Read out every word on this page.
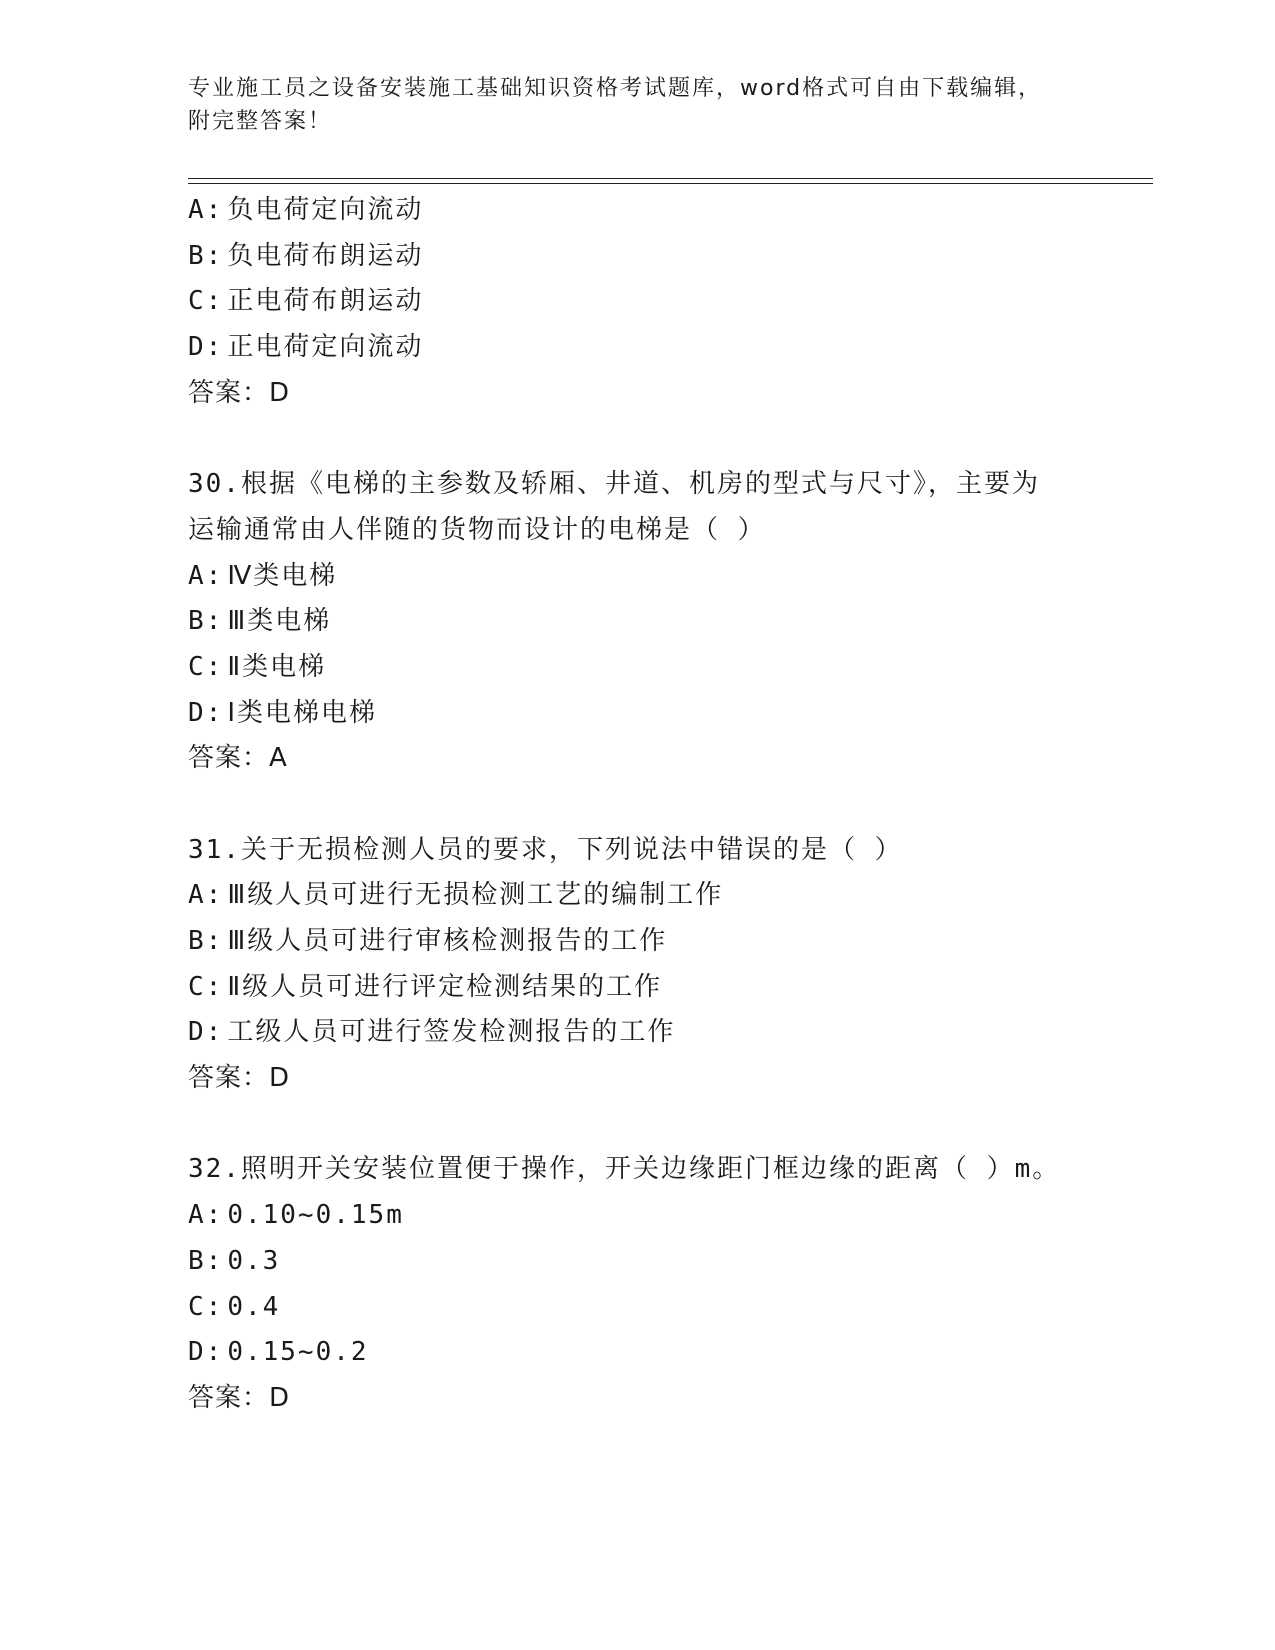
专业施工员之设备安装施工基础知识资格考试题库，word格式可自由下载编辑，
附完整答案！
A: 负电荷定向流动
B: 负电荷布朗运动
C: 正电荷布朗运动
D: 正电荷定向流动
答案：D
30.根据《电梯的主参数及轿厢、井道、机房的型式与尺寸》，主要为
运输通常由人伴随的货物而设计的电梯是（ ）
A: Ⅳ类电梯
B: Ⅲ类电梯
C: Ⅱ类电梯
D: Ⅰ类电梯电梯
答案：A
31.关于无损检测人员的要求，下列说法中错误的是（ ）
A: Ⅲ级人员可进行无损检测工艺的编制工作
B: Ⅲ级人员可进行审核检测报告的工作
C: Ⅱ级人员可进行评定检测结果的工作
D: 工级人员可进行签发检测报告的工作
答案：D
32.照明开关安装位置便于操作，开关边缘距门框边缘的距离（ ）m。
A: 0.10~0.15m
B: 0.3
C: 0.4
D: 0.15~0.2
答案：D
